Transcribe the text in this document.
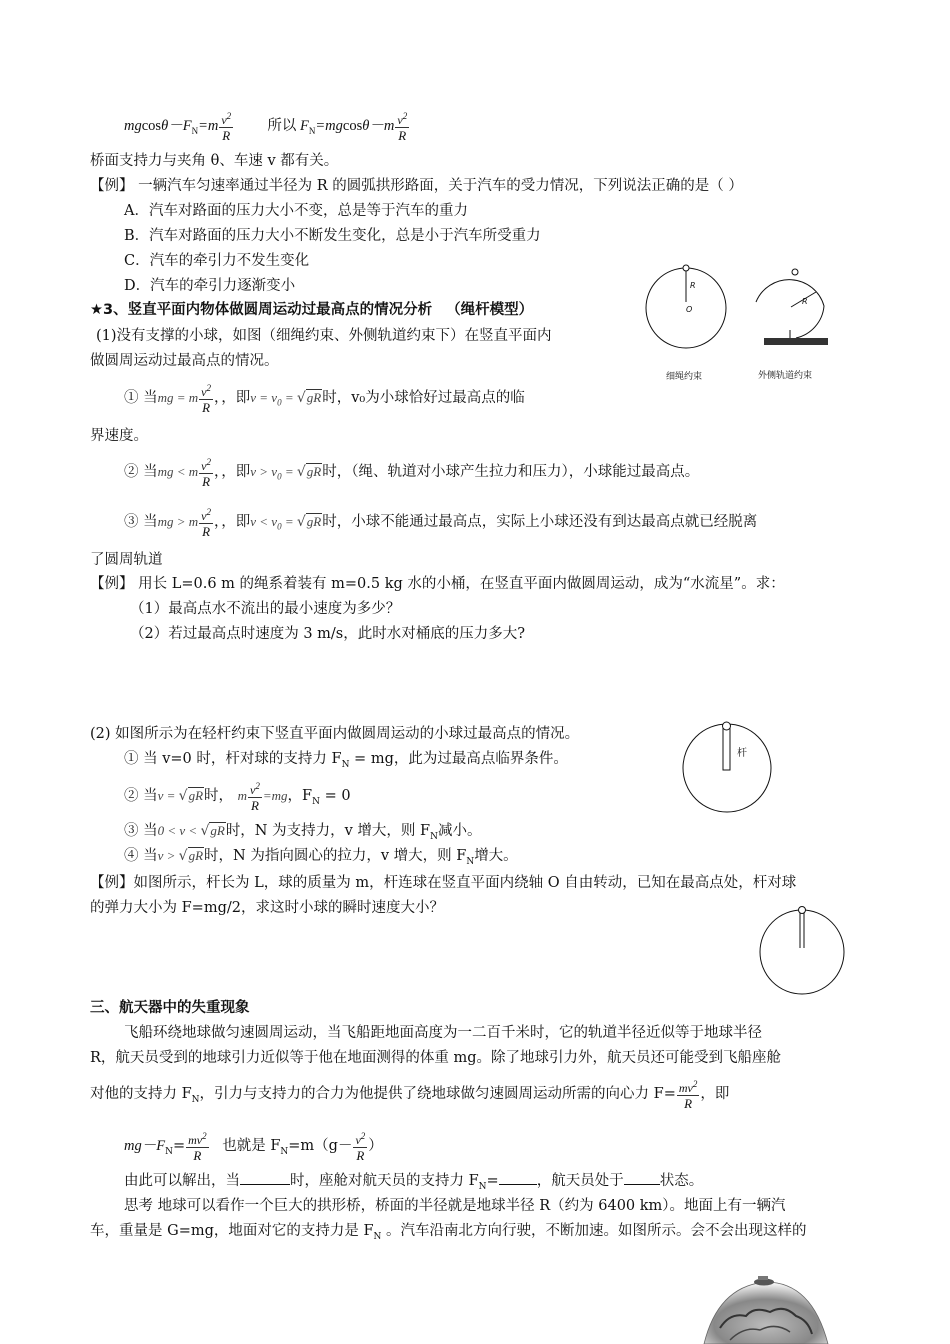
$mgcos\theta-F_N=m \frac{v^2}{R}$ 所以 $F_N=mgcos\theta-m \frac{v^2}{R}$
桥面支持力与夹角 θ、车速 v 都有关。
【例】 一辆汽车匀速率通过半径为 R 的圆弧拱形路面，关于汽车的受力情况，下列说法正确的是（ ）
A．汽车对路面的压力大小不变，总是等于汽车的重力
B．汽车对路面的压力大小不断发生变化，总是小于汽车所受重力
C．汽车的牵引力不发生变化
D．汽车的牵引力逐渐变小
★3、竖直平面内物体做圆周运动过最高点的情况分析 （绳杆模型）
(1)没有支撑的小球，如图（细绳约束、外侧轨道约束下）在竖直平面内
做圆周运动过最高点的情况。
R
O
R
细绳约束	外侧轨道约束
① 当mg = m $\frac{v^2}{R}$ ，，即$v = v_0 = √gR$时，v₀为小球恰好过最高点的临
界速度。
② 当mg < m $\frac{v^2}{R}$ ，，即$v > v_0 = √gR$时，（绳、轨道对小球产生拉力和压力），小球能过最高点。
③ 当mg > m $\frac{v^2}{R}$ ，，即$v < v_0 = √gR$时，小球不能通过最高点，实际上小球还没有到达最高点就已经脱离
了圆周轨道
【例】 用长 L=0.6 m 的绳系着装有 m=0.5 kg 水的小桶，在竖直平面内做圆周运动，成为“水流星”。求：
（1）最高点水不流出的最小速度为多少？
（2）若过最高点时速度为 3 m/s，此时水对桶底的压力多大?
(2) 如图所示为在轻杆约束下竖直平面内做圆周运动的小球过最高点的情况。
杆
① 当 v=0 时，杆对球的支持力 $F_N$ = mg，此为过最高点临界条件。
② 当v = √gR时， m $\frac{v^2}{R} =mg$，$F_N = 0$
③ 当0 < v < √gR时，N 为支持力，v 增大，则 $F_N$减小。
④ 当v > √gR时，N 为指向圆心的拉力，v 增大，则 $F_N$增大。
【例】如图所示，杆长为 L，球的质量为 m，杆连球在竖直平面内绕轴 O 自由转动，已知在最高点处，杆对球
的弹力大小为 F=mg/2，求这时小球的瞬时速度大小？
三、航天器中的失重现象
飞船环绕地球做匀速圆周运动，当飞船距地面高度为一二百千米时，它的轨道半径近似等于地球半径
R，航天员受到的地球引力近似等于他在地面测得的体重 mg。除了地球引力外，航天员还可能受到飞船座舱
对他的支持力 $F_N$，引力与支持力的合力为他提供了绕地球做匀速圆周运动所需的向心力 $F= \frac{mv^2}{R}$ ，即
$mg-F_N= \frac{mv^2}{R}$ 也就是 $F_N=m(g- \frac{v^2}{R}$ ）
由此可以解出，当	时，座舱对航天员的支持力 $F_N=$	，航天员处于 状态。
思考 地球可以看作一个巨大的拱形桥，桥面的半径就是地球半径 R（约为 6400 km）。地面上有一辆汽
车，重量是 G=mg，地面对它的支持力是 $F_N$ 。汽车沿南北方向行驶，不断加速。如图所示。会不会出现这样的
